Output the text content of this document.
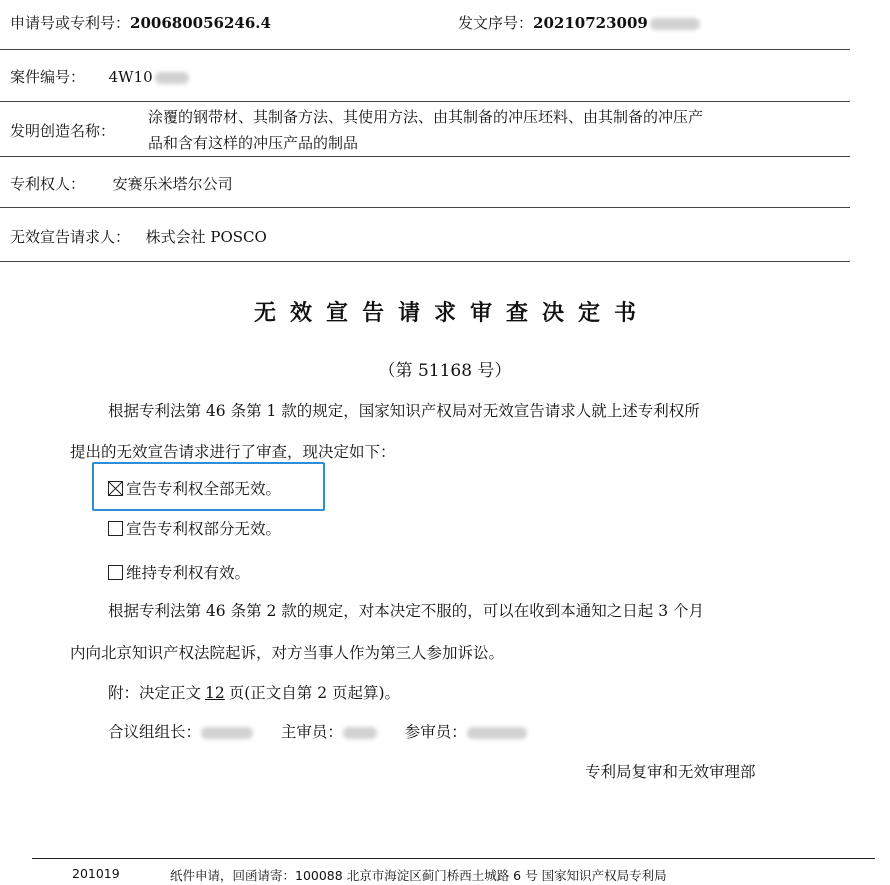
申请号或专利号：200680056246.4	发文序号：20210723009
案件编号： 4W10
发明创造名称：
涂覆的钢带材、其制备方法、其使用方法、由其制备的冲压坯料、由其制备的冲压产
品和含有这样的冲压产品的制品
专利权人： 安赛乐米塔尔公司
无效宣告请求人： 株式会社 POSCO
无效宣告请求审查决定书
（第 51168 号）
根据专利法第 46 条第 1 款的规定，国家知识产权局对无效宣告请求人就上述专利权所
提出的无效宣告请求进行了审查，现决定如下：
宣告专利权全部无效。
宣告专利权部分无效。
维持专利权有效。
根据专利法第 46 条第 2 款的规定，对本决定不服的，可以在收到本通知之日起 3 个月
内向北京知识产权法院起诉，对方当事人作为第三人参加诉讼。
附：决定正文 12 页(正文自第 2 页起算)。
合议组组长：	主审员：	参审员：
专利局复审和无效审理部
201019	纸件申请，回函请寄：100088 北京市海淀区蓟门桥西土城路 6 号 国家知识产权局专利局
